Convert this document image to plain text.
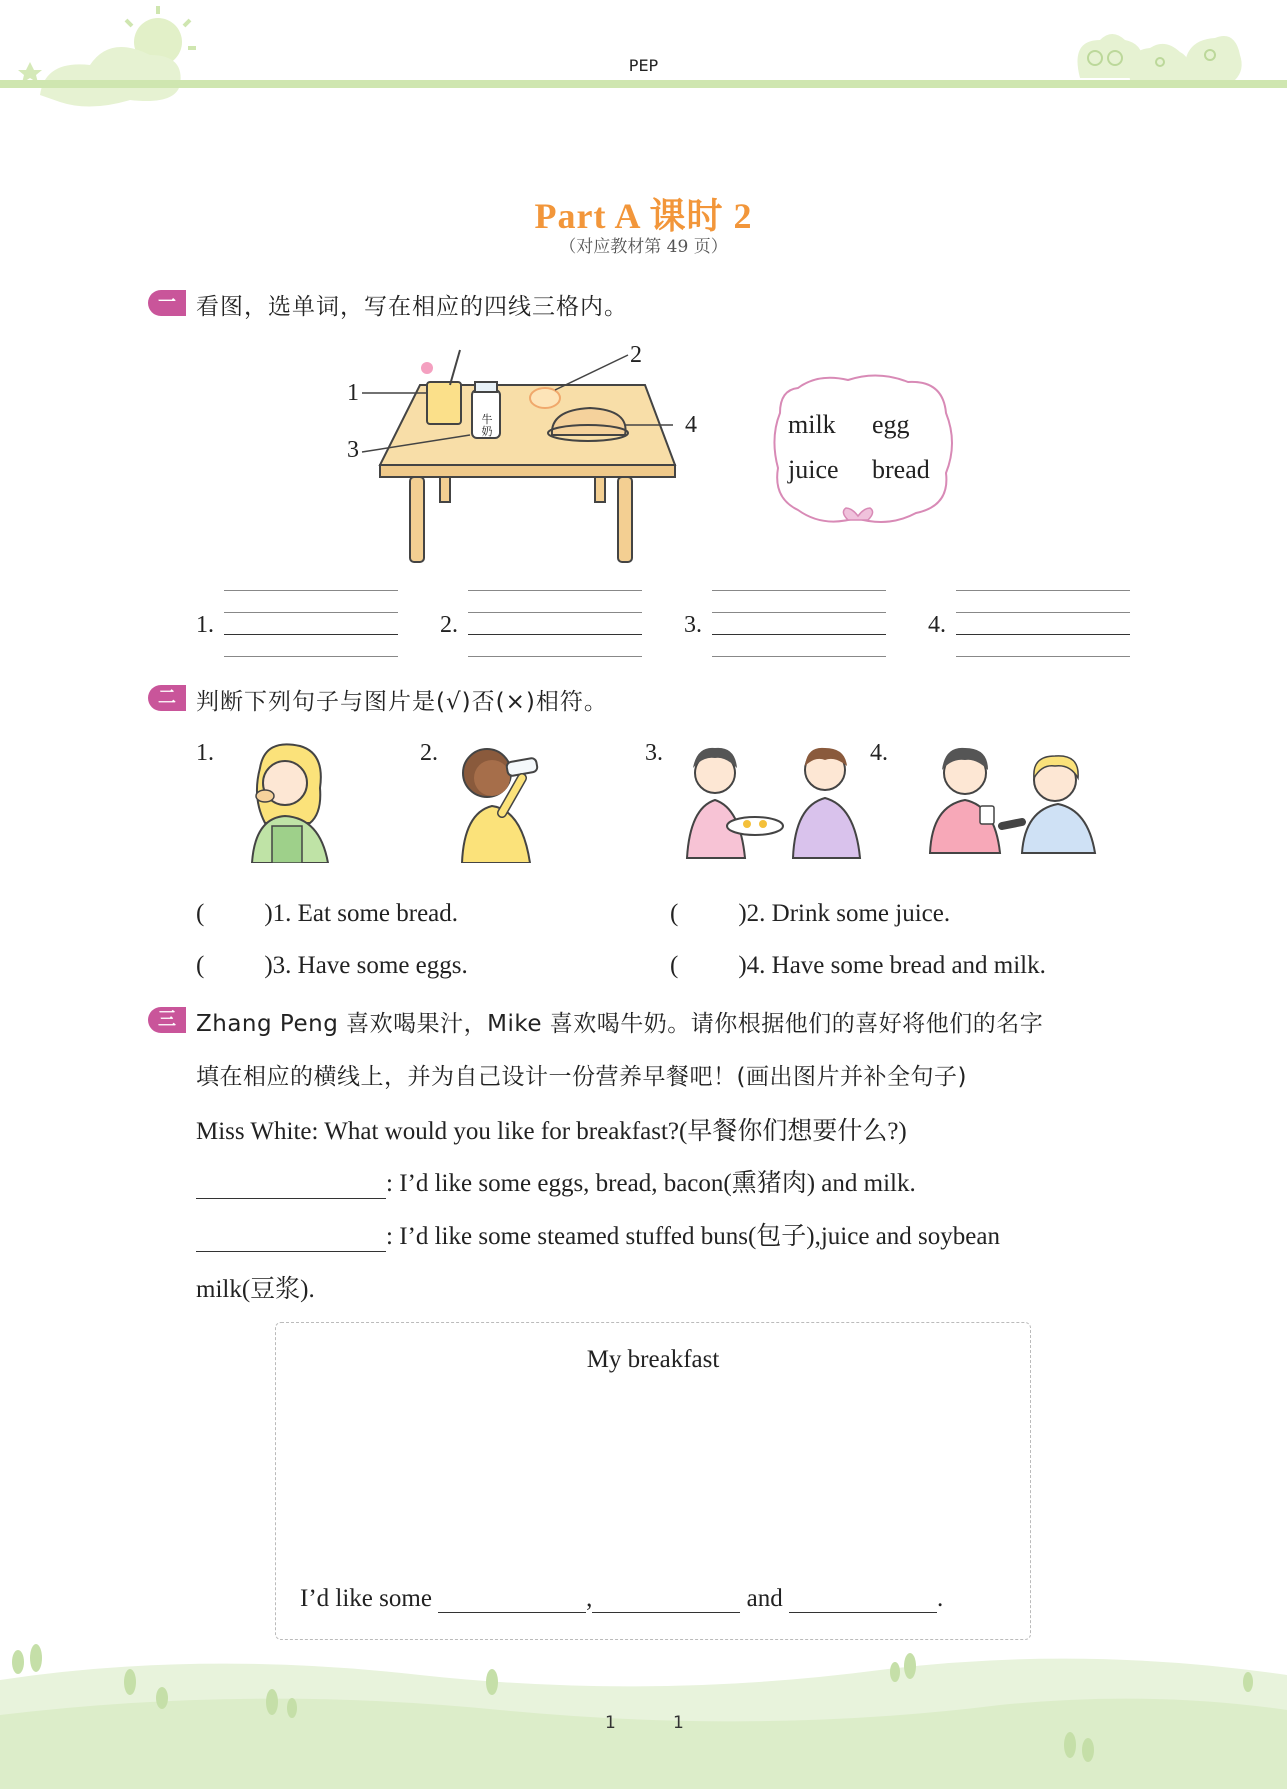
PEP
Part A 课时 2
（对应教材第 49 页）
一 看图，选单词，写在相应的四线三格内。
1
2
3
4
牛奶	milk egg
juice bread
1.	2.	3.	4.
二 判断下列句子与图片是(√)否(×)相符。
1.	2.	3.	4.
( )1. Eat some bread.	( )2. Drink some juice.
( )3. Have some eggs.	( )4. Have some bread and milk.
三 Zhang Peng 喜欢喝果汁，Mike 喜欢喝牛奶。请你根据他们的喜好将他们的名字
填在相应的横线上，并为自己设计一份营养早餐吧！(画出图片并补全句子)
Miss White: What would you like for breakfast?(早餐你们想要什么?)
: I’d like some eggs, bread, bacon(熏猪肉) and milk.
: I’d like some steamed stuffed buns(包子),juice and soybean
milk(豆浆).
My breakfast
I’d like some	,	and	.
1	1
